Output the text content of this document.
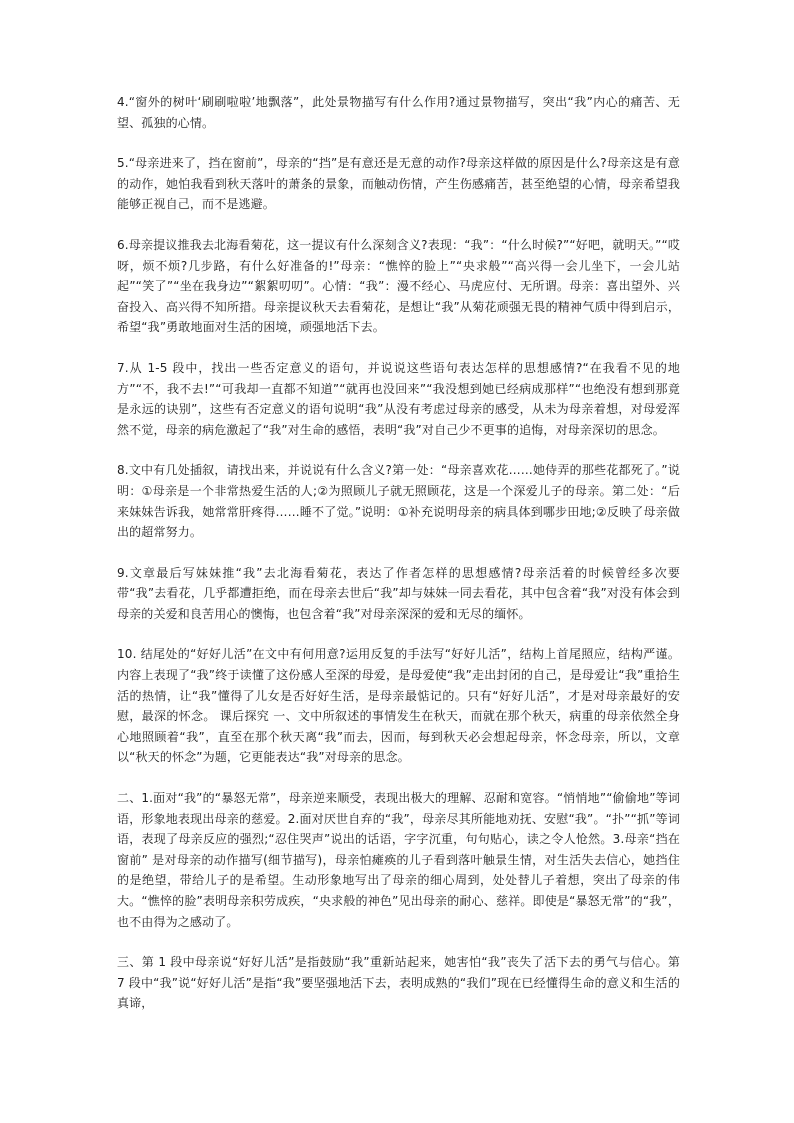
4.“窗外的树叶‘刷刷啦啦’地飘落”，此处景物描写有什么作用?通过景物描写，突出“我”内心的痛苦、无望、孤独的心情。

5.“母亲进来了，挡在窗前”，母亲的“挡”是有意还是无意的动作?母亲这样做的原因是什么?母亲这是有意的动作，她怕我看到秋天落叶的萧条的景象，而触动伤情，产生伤感痛苦，甚至绝望的心情，母亲希望我能够正视自己，而不是逃避。

6.母亲提议推我去北海看菊花，这一提议有什么深刻含义?表现：“我”：“什么时候?”“好吧，就明天。”“哎呀，烦不烦?几步路，有什么好准备的!”母亲：“憔悴的脸上”“央求般”“高兴得一会儿坐下，一会儿站起”“笑了”“坐在我身边”“絮絮叨叨”。心情：“我”：漫不经心、马虎应付、无所谓。母亲：喜出望外、兴奋投入、高兴得不知所措。母亲提议秋天去看菊花，是想让“我”从菊花顽强无畏的精神气质中得到启示，希望“我”勇敢地面对生活的困境，顽强地活下去。

7.从 1-5 段中，找出一些否定意义的语句，并说说这些语句表达怎样的思想感情?“在我看不见的地方”“不，我不去!”“可我却一直都不知道”“就再也没回来”“我没想到她已经病成那样”“也绝没有想到那竟是永远的诀别”，这些有否定意义的语句说明“我”从没有考虑过母亲的感受，从未为母亲着想，对母爱浑然不觉，母亲的病危激起了“我”对生命的感悟，表明“我”对自己少不更事的追悔，对母亲深切的思念。

8.文中有几处插叙，请找出来，并说说有什么含义?第一处：“母亲喜欢花……她侍弄的那些花都死了。”说明：①母亲是一个非常热爱生活的人;②为照顾儿子就无照顾花，这是一个深爱儿子的母亲。第二处：“后来妹妹告诉我，她常常肝疼得……睡不了觉。”说明：①补充说明母亲的病具体到哪步田地;②反映了母亲做出的超常努力。

9.文章最后写妹妹推“我”去北海看菊花，表达了作者怎样的思想感情?母亲活着的时候曾经多次要带“我”去看花，几乎都遭拒绝，而在母亲去世后“我”却与妹妹一同去看花，其中包含着“我”对没有体会到母亲的关爱和良苦用心的懊悔，也包含着“我”对母亲深深的爱和无尽的缅怀。

10. 结尾处的“好好儿活”在文中有何用意?运用反复的手法写“好好儿活”，结构上首尾照应，结构严谨。内容上表现了“我”终于读懂了这份感人至深的母爱，是母爱使“我”走出封闭的自己，是母爱让“我”重拾生活的热情，让“我”懂得了儿女是否好好生活，是母亲最惦记的。只有“好好儿活”，才是对母亲最好的安慰，最深的怀念。 课后探究 一、文中所叙述的事情发生在秋天，而就在那个秋天，病重的母亲依然全身心地照顾着“我”，直至在那个秋天离“我”而去，因而，每到秋天必会想起母亲，怀念母亲，所以，文章以“秋天的怀念”为题，它更能表达“我”对母亲的思念。

二、1.面对“我”的“暴怒无常”，母亲逆来顺受，表现出极大的理解、忍耐和宽容。“悄悄地”“偷偷地”等词语，形象地表现出母亲的慈爱。2.面对厌世自弃的“我”，母亲尽其所能地劝抚、安慰“我”。“扑”“抓”等词语，表现了母亲反应的强烈;“忍住哭声”说出的话语，字字沉重，句句贴心，读之令人怆然。3.母亲“挡在窗前” 是对母亲的动作描写(细节描写)，母亲怕瘫痪的儿子看到落叶触景生情，对生活失去信心，她挡住的是绝望，带给儿子的是希望。生动形象地写出了母亲的细心周到，处处替儿子着想，突出了母亲的伟大。“憔悴的脸”表明母亲积劳成疾，“央求般的神色”见出母亲的耐心、慈祥。即使是“暴怒无常”的“我”，也不由得为之感动了。

三、第 1 段中母亲说“好好儿活”是指鼓励“我”重新站起来，她害怕“我”丧失了活下去的勇气与信心。第 7 段中“我”说“好好儿活”是指“我”要坚强地活下去，表明成熟的“我们”现在已经懂得生命的意义和生活的真谛，
